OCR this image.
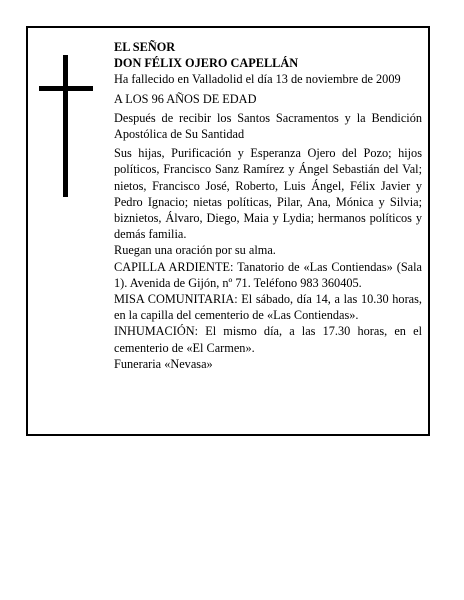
EL SEÑOR
DON FÉLIX OJERO CAPELLÁN
Ha fallecido en Valladolid el día 13 de noviembre de 2009
A LOS 96 AÑOS DE EDAD
Después de recibir los Santos Sacramentos y la Bendición Apostólica de Su Santidad
Sus hijas, Purificación y Esperanza Ojero del Pozo; hijos políticos, Francisco Sanz Ramírez y Ángel Sebastián del Val; nietos, Francisco José, Roberto, Luis Ángel, Félix Javier y Pedro Ignacio; nietas políticas, Pilar, Ana, Mónica y Silvia; biznietos, Álvaro, Diego, Maia y Lydia; hermanos políticos y demás familia.
Ruegan una oración por su alma.
CAPILLA ARDIENTE: Tanatorio de «Las Contiendas» (Sala 1). Avenida de Gijón, nº 71. Teléfono 983 360405.
MISA COMUNITARIA: El sábado, día 14, a las 10.30 horas, en la capilla del cementerio de «Las Contiendas».
INHUMACIÓN: El mismo día, a las 17.30 horas, en el cementerio de «El Carmen».
Funeraria «Nevasa»
